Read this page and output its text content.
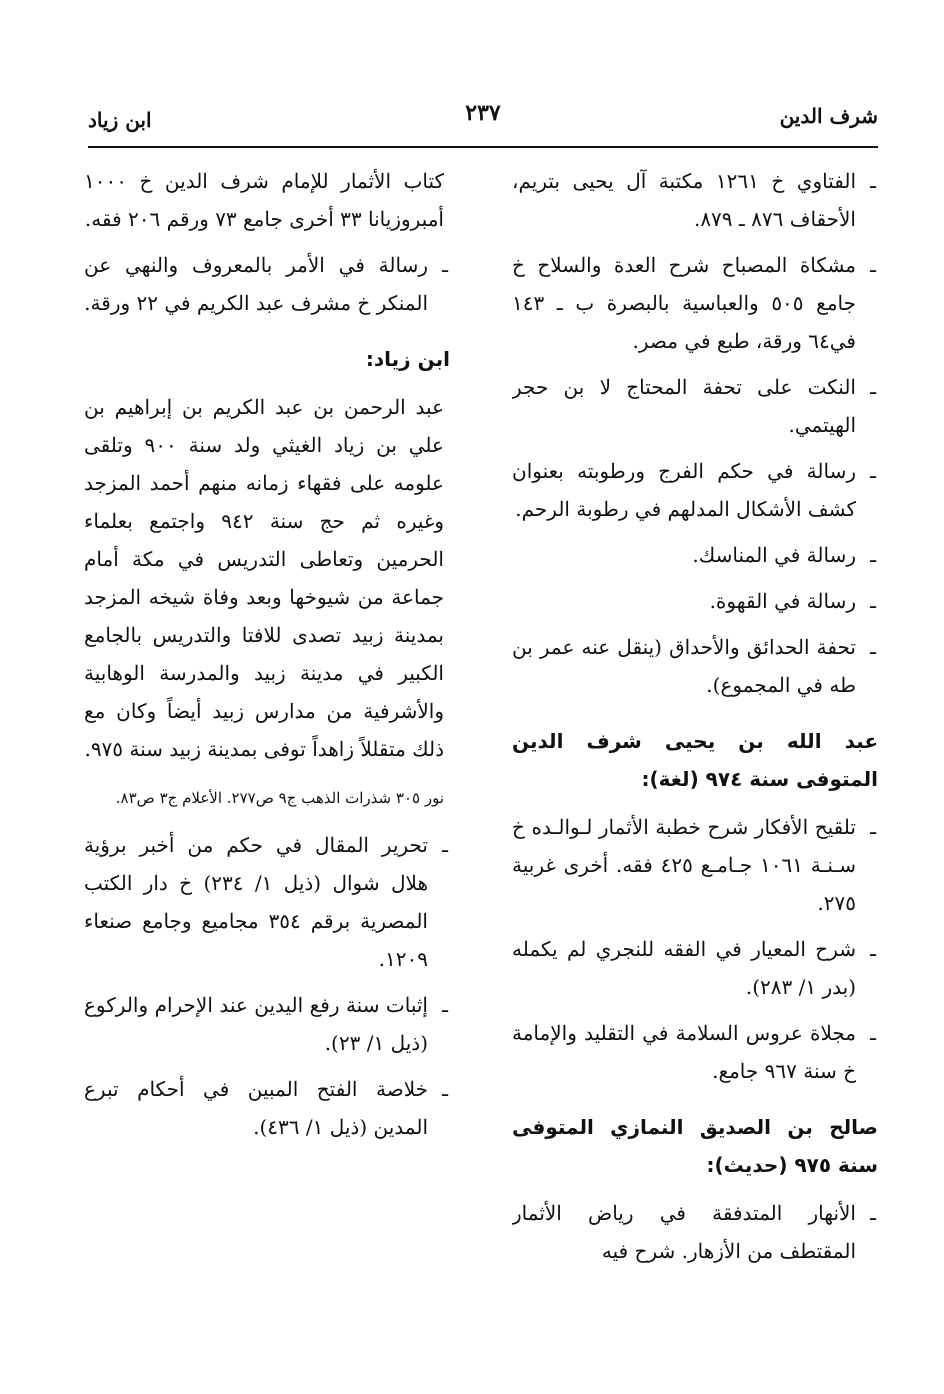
شرف الدين
٢٣٧
ابن زياد
ـ
الفتاوي خ ١٢٦١ مكتبة آل يحيى بتريم، الأحقاف ٨٧٦ ـ ٨٧٩.
ـ
مشكاة المصباح شرح العدة والسلاح خ جامع ٥٠٥ والعباسية بالبصرة ب ـ ١٤٣ في٦٤ ورقة، طبع في مصر.
ـ
النكت على تحفة المحتاج لا بن حجر الهيتمي.
ـ
رسالة في حكم الفرج ورطوبته بعنوان كشف الأشكال المدلهم في رطوبة الرحم.
ـ
رسالة في المناسك.
ـ
رسالة في القهوة.
ـ
تحفة الحدائق والأحداق (ينقل عنه عمر بن طه في المجموع).
عبد الله بن يحيى شرف الدين المتوفى سنة ٩٧٤ (لغة):
ـ
تلقيح الأفكار شرح خطبة الأثمار لـوالـده خ سـنـة ١٠٦١ جـامـع ٤٢٥ فقه. أخرى غربية ٢٧٥.
ـ
شرح المعيار في الفقه للنجري لم يكمله (بدر ١/ ٢٨٣).
ـ
مجلاة عروس السلامة في التقليد والإمامة خ سنة ٩٦٧ جامع.
صالح بن الصديق النمازي المتوفى سنة ٩٧٥ (حديث):
ـ
الأنهار المتدفقة في رياض الأثمار المقتطف من الأزهار. شرح فيه
كتاب الأثمار للإمام شرف الدين خ ١٠٠٠ أمبروزيانا ٣٣ أخرى جامع ٧٣ ورقم ٢٠٦ فقه.
ـ
رسالة في الأمر بالمعروف والنهي عن المنكر خ مشرف عبد الكريم في ٢٢ ورقة.
ابن زياد:
عبد الرحمن بن عبد الكريم بن إبراهيم بن علي بن زياد الغيثي ولد سنة ٩٠٠ وتلقى علومه على فقهاء زمانه منهم أحمد المزجد وغيره ثم حج سنة ٩٤٢ واجتمع بعلماء الحرمين وتعاطى التدريس في مكة أمام جماعة من شيوخها وبعد وفاة شيخه المزجد بمدينة زبيد تصدى للافتا والتدريس بالجامع الكبير في مدينة زبيد والمدرسة الوهابية والأشرفية من مدارس زبيد أيضاً وكان مع ذلك متقللاً زاهداً توفى بمدينة زبيد سنة ٩٧٥.
نور ٣٠٥ شذرات الذهب ج٩ ص٢٧٧. الأعلام ج٣ ص٨٣.
ـ
تحرير المقال في حكم من أخبر برؤية هلال شوال (ذيل ١/ ٢٣٤) خ دار الكتب المصرية برقم ٣٥٤ مجاميع وجامع صنعاء ١٢٠٩.
ـ
إثبات سنة رفع اليدين عند الإحرام والركوع (ذيل ١/ ٢٣).
ـ
خلاصة الفتح المبين في أحكام تبرع المدين (ذيل ١/ ٤٣٦).
